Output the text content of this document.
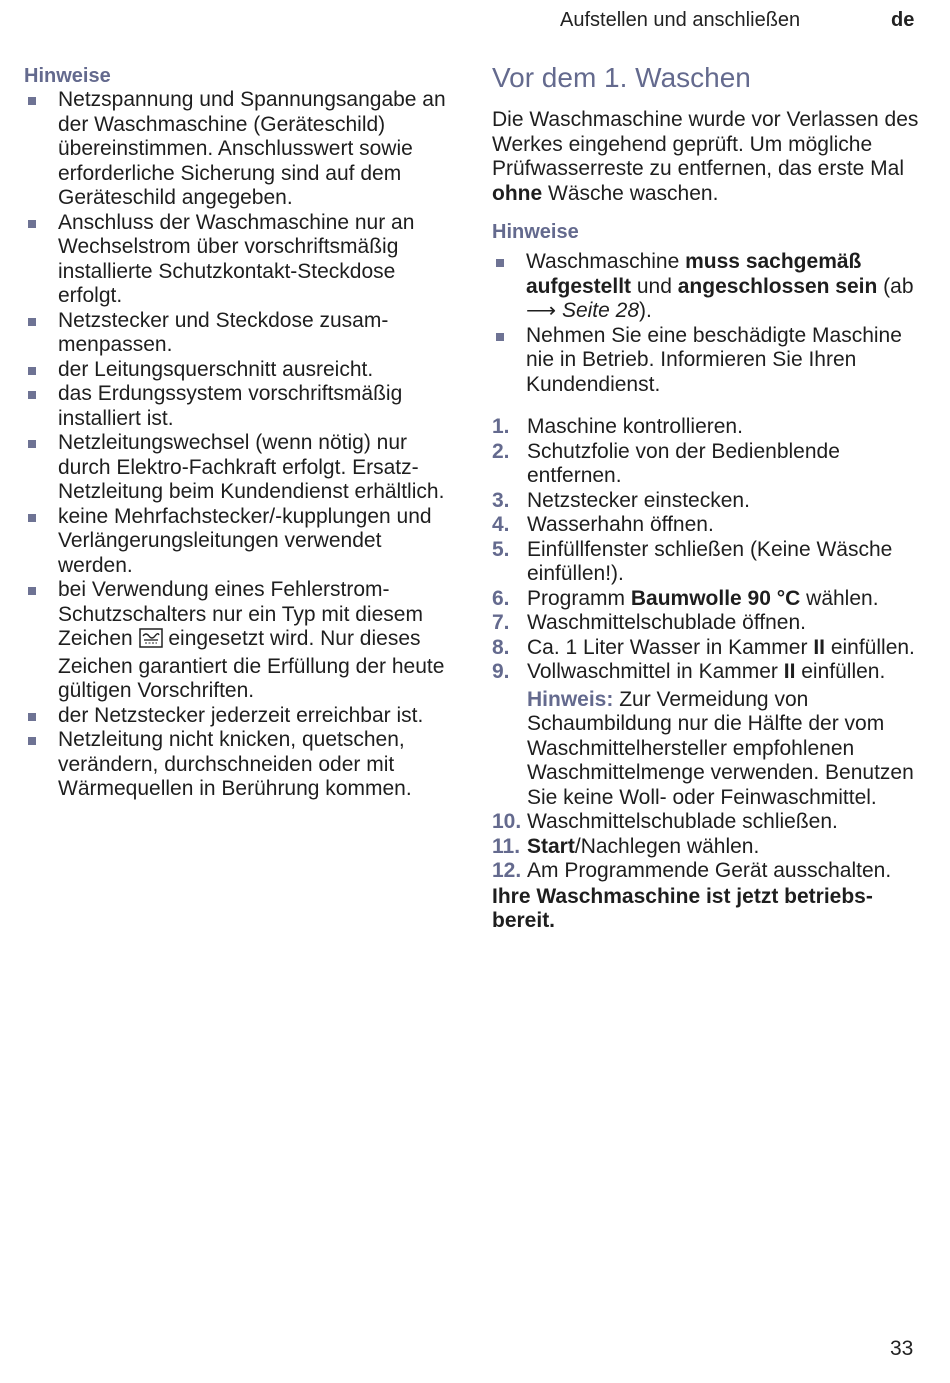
Aufstellen und anschließen	de
Hinweise
Netzspannung und Spannungsangabe an der Waschmaschine (Geräteschild) übereinstimmen. Anschlusswert sowie erforderliche Sicherung sind auf dem Geräteschild angegeben.
Anschluss der Waschmaschine nur an Wechselstrom über vorschriftsmäßig installierte Schutzkontakt-Steckdose erfolgt.
Netzstecker und Steckdose zusammenpassen.
der Leitungsquerschnitt ausreicht.
das Erdungssystem vorschriftsmäßig installiert ist.
Netzleitungswechsel (wenn nötig) nur durch Elektro-Fachkraft erfolgt. Ersatz-Netzleitung beim Kundendienst erhältlich.
keine Mehrfachstecker/-kupplungen und Verlängerungsleitungen verwendet werden.
bei Verwendung eines Fehlerstrom-Schutzschalters nur ein Typ mit diesem Zeichen  eingesetzt wird. Nur dieses Zeichen garantiert die Erfüllung der heute gültigen Vorschriften.
der Netzstecker jederzeit erreichbar ist.
Netzleitung nicht knicken, quetschen, verändern, durchschneiden oder mit Wärmequellen in Berührung kommen.
Vor dem 1. Waschen

Die Waschmaschine wurde vor Verlassen des Werkes eingehend geprüft. Um mögliche Prüfwasserreste zu entfernen, das erste Mal ohne Wäsche waschen.

Hinweise
Waschmaschine muss sachgemäß aufgestellt und angeschlossen sein (ab ⟶ Seite 28).
Nehmen Sie eine beschädigte Maschine nie in Betrieb. Informieren Sie Ihren Kundendienst.
1. Maschine kontrollieren.
2. Schutzfolie von der Bedienblende entfernen.
3. Netzstecker einstecken.
4. Wasserhahn öffnen.
5. Einfüllfenster schließen (Keine Wäsche einfüllen!).
6. Programm Baumwolle 90 °C wählen.
7. Waschmittelschublade öffnen.
8. Ca. 1 Liter Wasser in Kammer II einfüllen.
9. Vollwaschmittel in Kammer II einfüllen.

Hinweis: Zur Vermeidung von Schaumbildung nur die Hälfte der vom Waschmittelhersteller empfohlenen Waschmittelmenge verwenden. Benutzen Sie keine Woll- oder Feinwaschmittel.

10. Waschmittelschublade schließen.
11. Start/Nachlegen wählen.
12. Am Programmende Gerät ausschalten.
Ihre Waschmaschine ist jetzt betriebsbereit.
33
